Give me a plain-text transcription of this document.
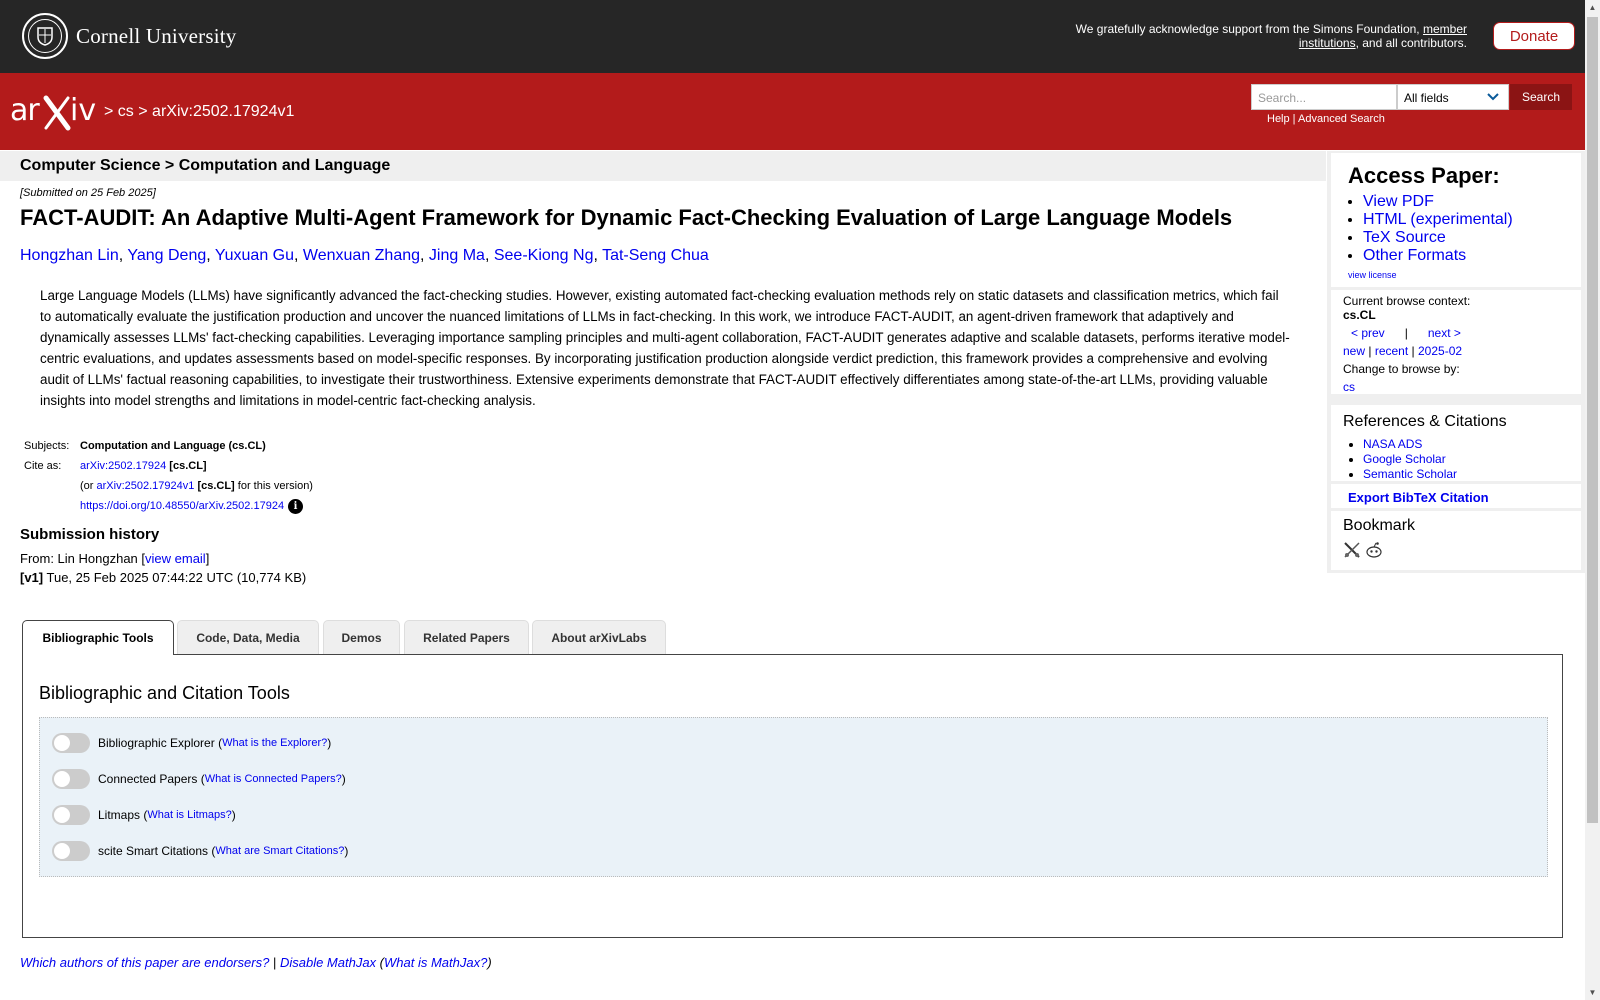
Cornell University	We gratefully acknowledge support from the Simons Foundation, member institutions, and all contributors.	Donate
ar iv > cs > arXiv:2502.17924v1
Search...	All fields	Search
Help | Advanced Search
Computer Science > Computation and Language
[Submitted on 25 Feb 2025]
FACT-AUDIT: An Adaptive Multi-Agent Framework for Dynamic Fact-Checking Evaluation of Large Language Models
Hongzhan Lin, Yang Deng, Yuxuan Gu, Wenxuan Zhang, Jing Ma, See-Kiong Ng, Tat-Seng Chua
Large Language Models (LLMs) have significantly advanced the fact-checking studies. However, existing automated fact-checking evaluation methods rely on static datasets and classification metrics, which fail to automatically evaluate the justification production and uncover the nuanced limitations of LLMs in fact-checking. In this work, we introduce FACT-AUDIT, an agent-driven framework that adaptively and dynamically assesses LLMs' fact-checking capabilities. Leveraging importance sampling principles and multi-agent collaboration, FACT-AUDIT generates adaptive and scalable datasets, performs iterative model-centric evaluations, and updates assessments based on model-specific responses. By incorporating justification production alongside verdict prediction, this framework provides a comprehensive and evolving audit of LLMs' factual reasoning capabilities, to investigate their trustworthiness. Extensive experiments demonstrate that FACT-AUDIT effectively differentiates among state-of-the-art LLMs, providing valuable insights into model strengths and limitations in model-centric fact-checking analysis.
Subjects:	Computation and Language (cs.CL)
Cite as:	arXiv:2502.17924 [cs.CL]
	(or arXiv:2502.17924v1 [cs.CL] for this version)
	https://doi.org/10.48550/arXiv.2502.17924 i
Submission history
From: Lin Hongzhan [view email]
[v1] Tue, 25 Feb 2025 07:44:22 UTC (10,774 KB)
Bibliographic Tools	Code, Data, Media	Demos	Related Papers	About arXivLabs
Bibliographic and Citation Tools
Bibliographic Explorer ( What is the Explorer? )
Connected Papers ( What is Connected Papers? )
Litmaps ( What is Litmaps? )
scite Smart Citations ( What are Smart Citations? )
Which authors of this paper are endorsers? | Disable MathJax (What is MathJax?)
Access Paper:
• View PDF
• HTML (experimental)
• TeX Source
• Other Formats
view license
Current browse context:
cs.CL
< prev | next >
new | recent | 2025-02
Change to browse by:
cs
References & Citations
• NASA ADS
• Google Scholar
• Semantic Scholar
Export BibTeX Citation
Bookmark
▲
▼
